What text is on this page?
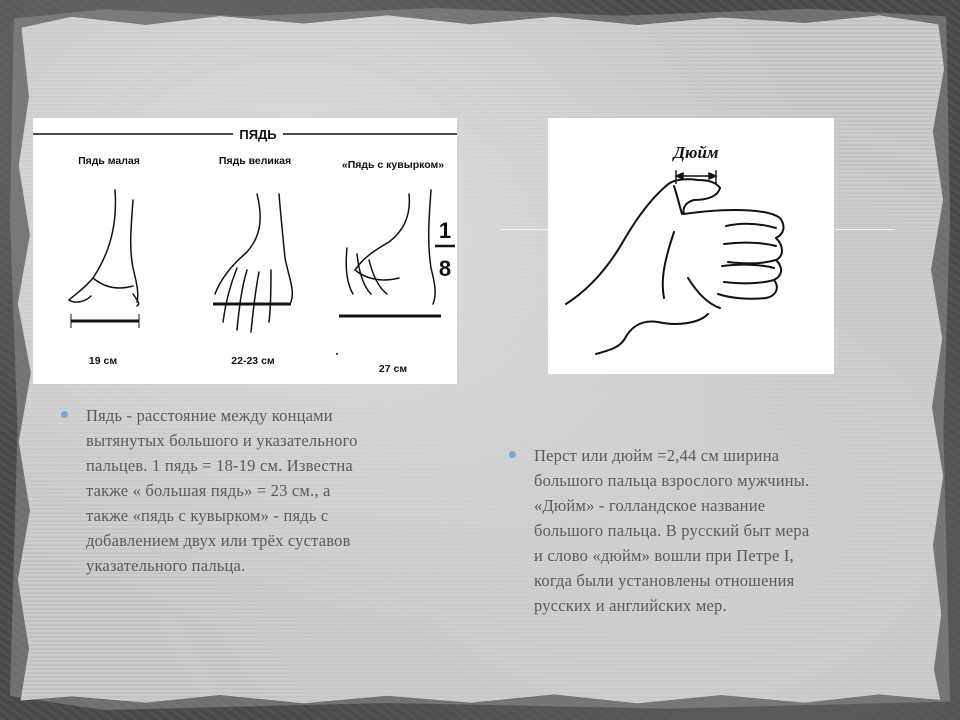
ПЯДЬ
Пядь малая	Пядь великая	«Пядь с кувырком»
19 см	22-23 см
27 см
1
8
Дюйм
Пядь - расстояние между концами
вытянутых большого и указательного
пальцев. 1 пядь = 18-19 см. Известна
также « большая пядь» = 23 см., а
также «пядь с кувырком» - пядь с
добавлением двух или трёх суставов
указательного пальца.
Перст или дюйм =2,44 см ширина
большого пальца взрослого мужчины.
«Дюйм» - голландское название
большого пальца. В русский быт мера
и слово «дюйм» вошли при Петре I,
когда были установлены отношения
русских и английских мер.
